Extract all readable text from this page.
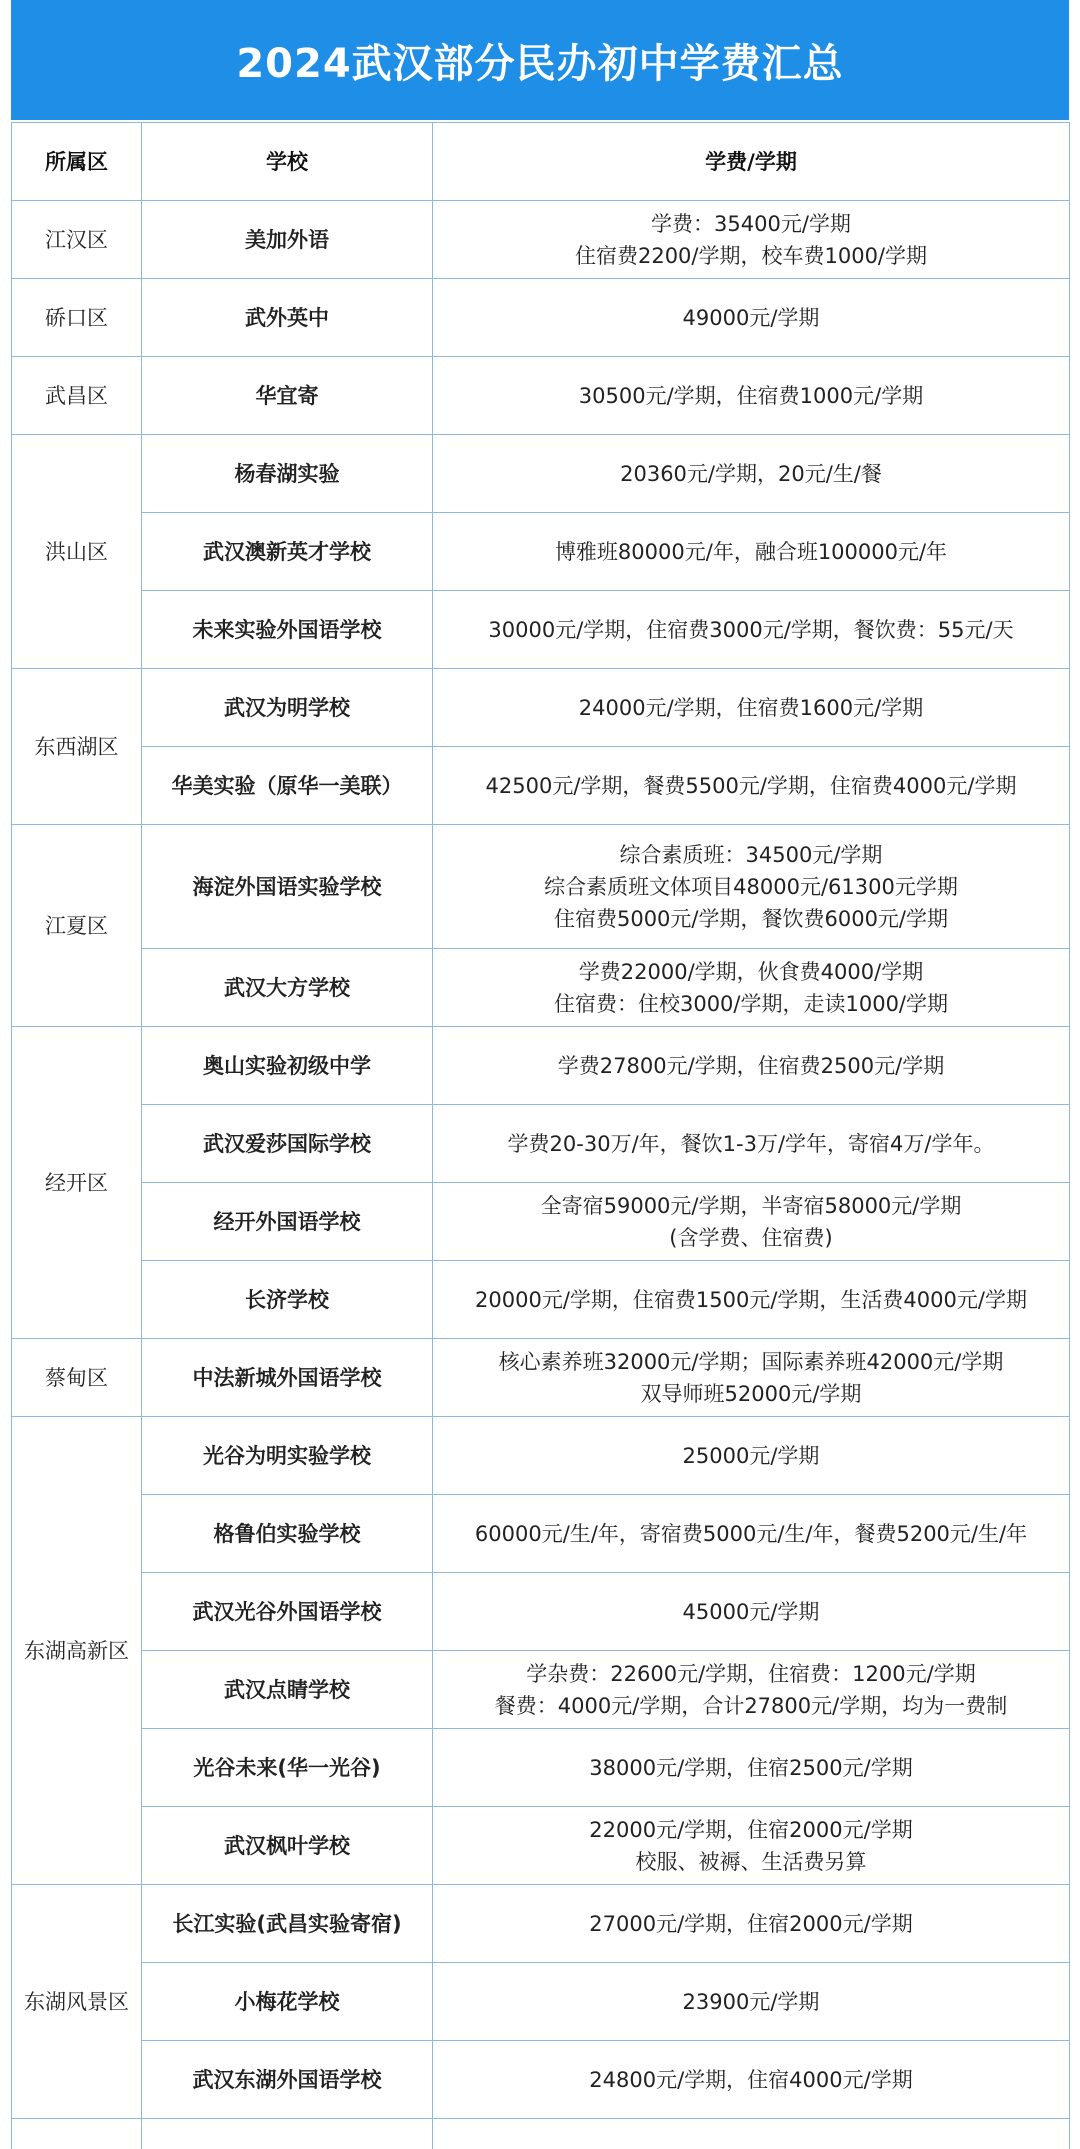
2024武汉部分民办初中学费汇总
所属区	学校	学费/学期
江汉区	美加外语	学费：35400元/学期
住宿费2200/学期，校车费1000/学期

硚口区	武外英中	49000元/学期

武昌区	华宜寄	30500元/学期，住宿费1000元/学期

洪山区	杨春湖实验	20360元/学期，20元/生/餐

	武汉澳新英才学校	博雅班80000元/年，融合班100000元/年

	未来实验外国语学校	30000元/学期，住宿费3000元/学期，餐饮费：55元/天

东西湖区	武汉为明学校	24000元/学期，住宿费1600元/学期

	华美实验（原华一美联）	42500元/学期，餐费5500元/学期，住宿费4000元/学期

江夏区	海淀外国语实验学校	综合素质班：34500元/学期
综合素质班文体项目48000元/61300元学期
住宿费5000元/学期，餐饮费6000元/学期

	武汉大方学校	学费22000/学期，伙食费4000/学期
住宿费：住校3000/学期，走读1000/学期

经开区	奥山实验初级中学	学费27800元/学期，住宿费2500元/学期

	武汉爱莎国际学校	学费20-30万/年，餐饮1-3万/学年，寄宿4万/学年。

	经开外国语学校	全寄宿59000元/学期，半寄宿58000元/学期
(含学费、住宿费)

	长济学校	20000元/学期，住宿费1500元/学期，生活费4000元/学期

蔡甸区	中法新城外国语学校	核心素养班32000元/学期；国际素养班42000元/学期
双导师班52000元/学期

东湖高新区	光谷为明实验学校	25000元/学期

	格鲁伯实验学校	60000元/生/年，寄宿费5000元/生/年，餐费5200元/生/年

	武汉光谷外国语学校	45000元/学期

	武汉点睛学校	学杂费：22600元/学期，住宿费：1200元/学期
餐费：4000元/学期，合计27800元/学期，均为一费制

	光谷未来(华一光谷)	38000元/学期，住宿2500元/学期

	武汉枫叶学校	22000元/学期，住宿2000元/学期
校服、被褥、生活费另算

东湖风景区	长江实验(武昌实验寄宿)	27000元/学期，住宿2000元/学期

	小梅花学校	23900元/学期

	武汉东湖外国语学校	24800元/学期，住宿4000元/学期
